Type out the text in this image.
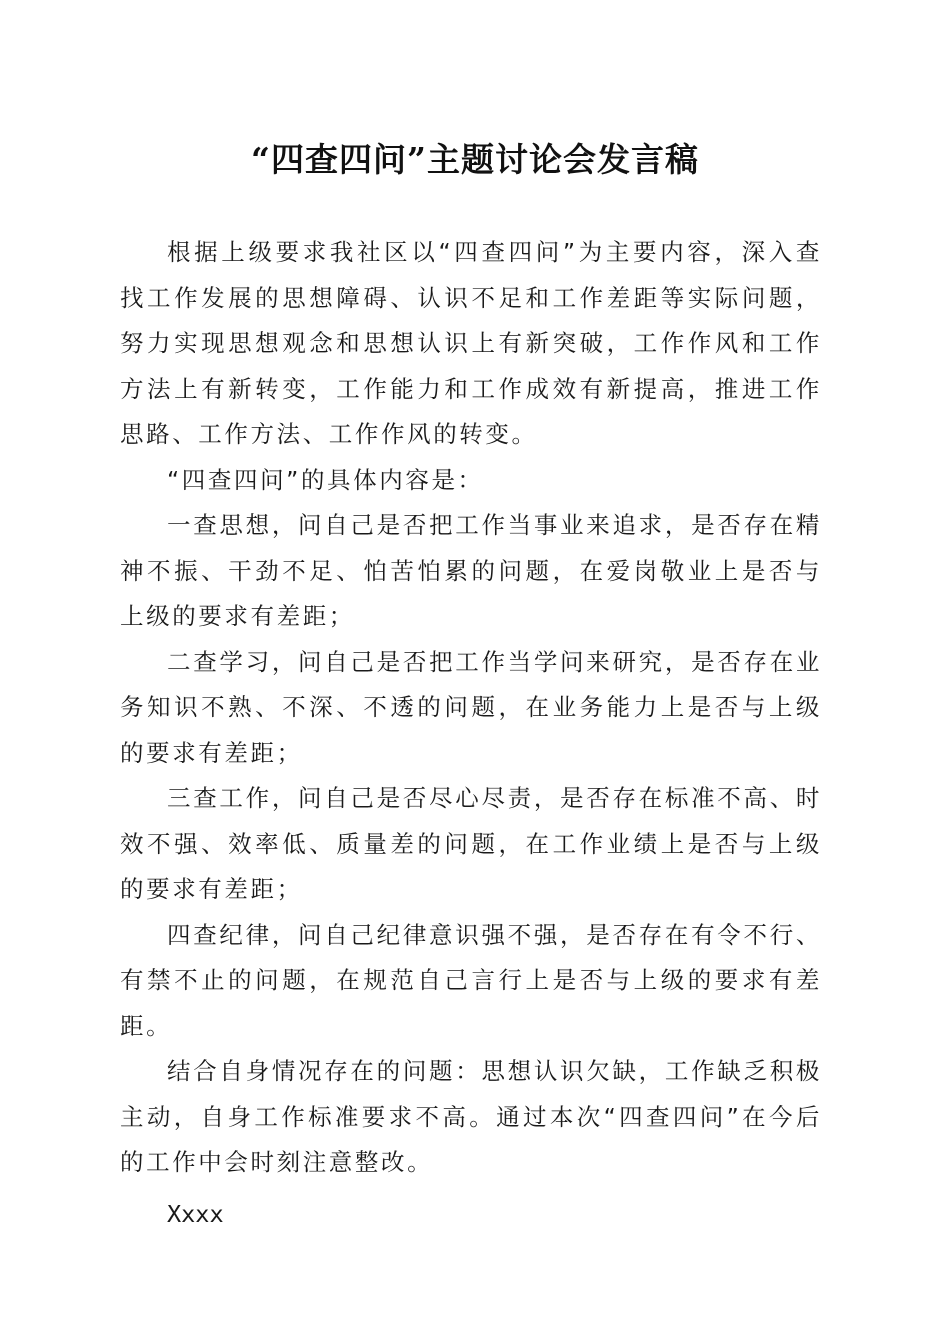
“四查四问”主题讨论会发言稿

根据上级要求我社区以“四查四问”为主要内容，深入查找工作发展的思想障碍、认识不足和工作差距等实际问题，努力实现思想观念和思想认识上有新突破，工作作风和工作方法上有新转变，工作能力和工作成效有新提高，推进工作思路、工作方法、工作作风的转变。

“四查四问”的具体内容是：

一查思想，问自己是否把工作当事业来追求，是否存在精神不振、干劲不足、怕苦怕累的问题，在爱岗敬业上是否与上级的要求有差距；

二查学习，问自己是否把工作当学问来研究，是否存在业务知识不熟、不深、不透的问题，在业务能力上是否与上级的要求有差距；

三查工作，问自己是否尽心尽责，是否存在标准不高、时效不强、效率低、质量差的问题，在工作业绩上是否与上级的要求有差距；

四查纪律，问自己纪律意识强不强，是否存在有令不行、有禁不止的问题，在规范自己言行上是否与上级的要求有差距。

结合自身情况存在的问题：思想认识欠缺，工作缺乏积极主动，自身工作标准要求不高。通过本次“四查四问”在今后的工作中会时刻注意整改。

Xxxx
